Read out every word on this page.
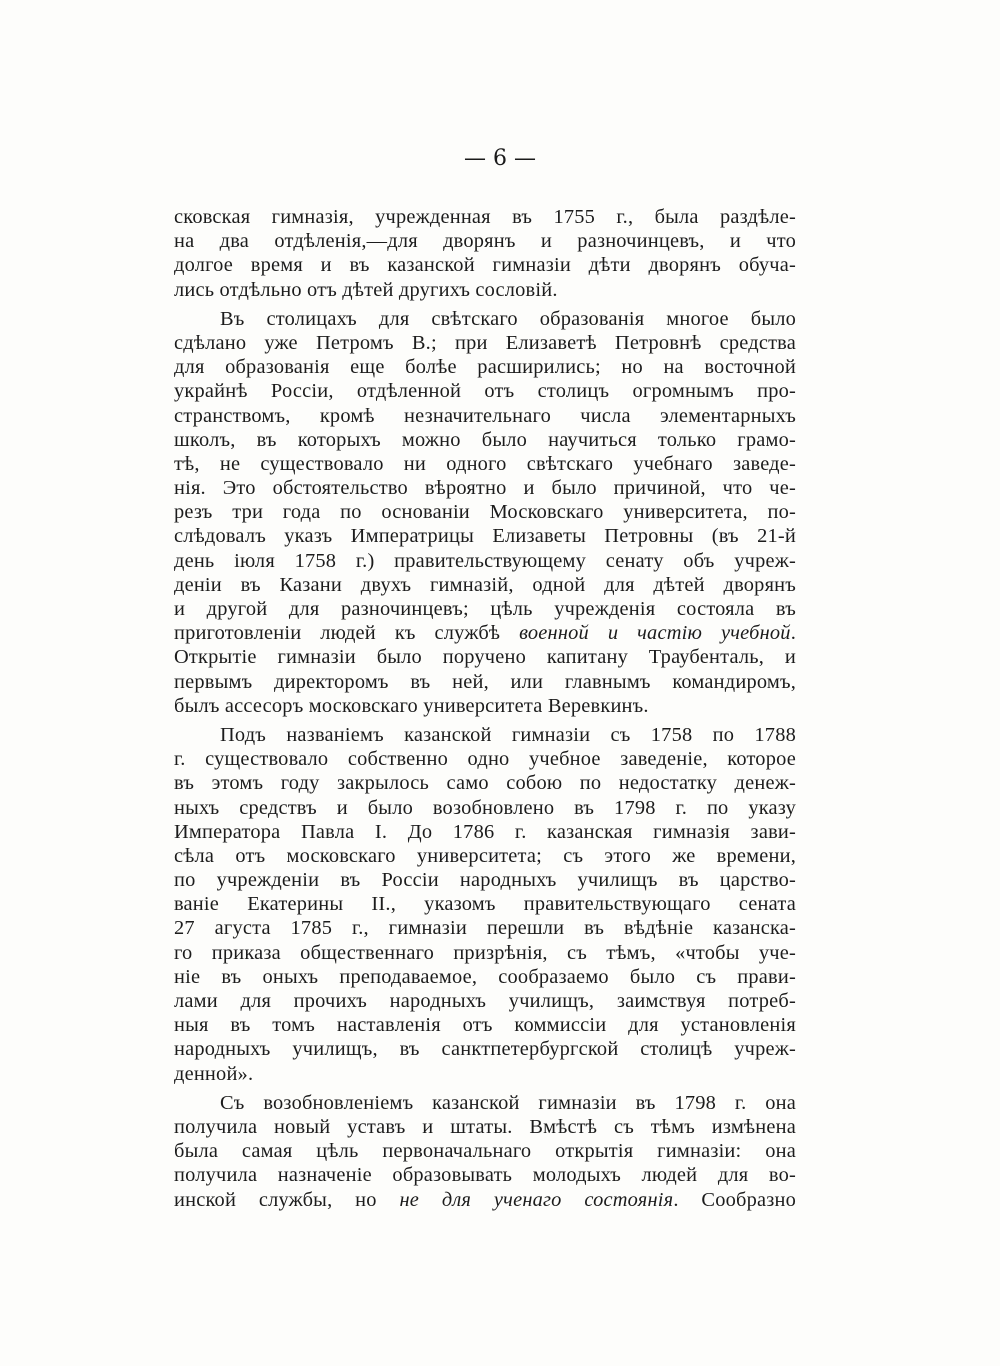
— 6 —
сковская гимназія, учрежденная въ 1755 г., была раздѣле-
на два отдѣленія,—для дворянъ и разночинцевъ, и что
долгое время и въ казанской гимназіи дѣти дворянъ обуча-
лись отдѣльно отъ дѣтей другихъ сословій.
Въ столицахъ для свѣтскаго образованія многое было
сдѣлано уже Петромъ В.; при Елизаветѣ Петровнѣ средства
для образованія еще болѣе расширились; но на восточной
украйнѣ Россіи, отдѣленной отъ столицъ огромнымъ про-
странствомъ, кромѣ незначительнаго числа элементарныхъ
школъ, въ которыхъ можно было научиться только грамо-
тѣ, не существовало ни одного свѣтскаго учебнаго заведе-
нія. Это обстоятельство вѣроятно и было причиной, что че-
резъ три года по основаніи Московскаго университета, по-
слѣдовалъ указъ Императрицы Елизаветы Петровны (въ 21-й
день іюля 1758 г.) правительствующему сенату объ учреж-
деніи въ Казани двухъ гимназій, одной для дѣтей дворянъ
и другой для разночинцевъ; цѣль учрежденія состояла въ
приготовленіи людей къ службѣ военной и частію учебной.
Открытіе гимназіи было поручено капитану Траубенталь, и
первымъ директоромъ въ ней, или главнымъ командиромъ,
былъ ассесоръ московскаго университета Веревкинъ.
Подъ названіемъ казанской гимназіи съ 1758 по 1788
г. существовало собственно одно учебное заведеніе, которое
въ этомъ году закрылось само собою по недостатку денеж-
ныхъ средствъ и было возобновлено въ 1798 г. по указу
Императора Павла I. До 1786 г. казанская гимназія зави-
сѣла отъ московскаго университета; съ этого же времени,
по учрежденіи въ Россіи народныхъ училищъ въ царство-
ваніе Екатерины II., указомъ правительствующаго сената
27 агуста 1785 г., гимназіи перешли въ вѣдѣніе казанска-
го приказа общественнаго призрѣнія, съ тѣмъ, «чтобы уче-
ніе въ оныхъ преподаваемое, сообразаемо было съ прави-
лами для прочихъ народныхъ училищъ, заимствуя потреб-
ныя въ томъ наставленія отъ коммиссіи для установленія
народныхъ училищъ, въ санктпетербургской столицѣ учреж-
денной».
Съ возобновленіемъ казанской гимназіи въ 1798 г. она
получила новый уставъ и штаты. Вмѣстѣ съ тѣмъ измѣнена
была самая цѣль первоначальнаго открытія гимназіи: она
получила назначеніе образовывать молодыхъ людей для во-
инской службы, но не для ученаго состоянія. Сообразно
